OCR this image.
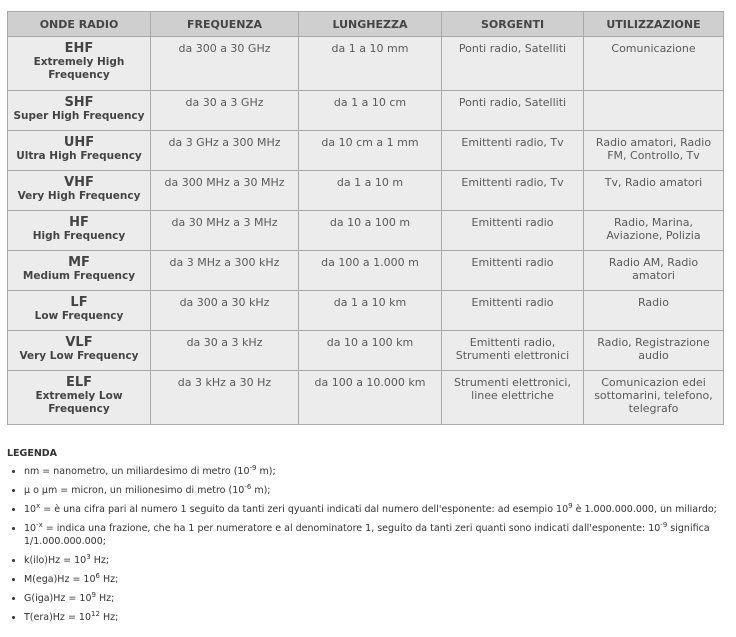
ONDE RADIO	FREQUENZA	LUNGHEZZA	SORGENTI	UTILIZZAZIONE

EHF
Extremely High Frequency	da 300 a 30 GHz	da 1 a 10 mm	Ponti radio, Satelliti	Comunicazione

SHF
Super High Frequency	da 30 a 3 GHz	da 1 a 10 cm	Ponti radio, Satelliti	

UHF
Ultra High Frequency	da 3 GHz a 300 MHz	da 10 cm a 1 mm	Emittenti radio, Tv	Radio amatori, Radio FM, Controllo, Tv

VHF
Very High Frequency	da 300 MHz a 30 MHz	da 1 a 10 m	Emittenti radio, Tv	Tv, Radio amatori

HF
High Frequency	da 30 MHz a 3 MHz	da 10 a 100 m	Emittenti radio	Radio, Marina, Aviazione, Polizia

MF
Medium Frequency	da 3 MHz a 300 kHz	da 100 a 1.000 m	Emittenti radio	Radio AM, Radio amatori

LF
Low Frequency	da 300 a 30 kHz	da 1 a 10 km	Emittenti radio	Radio

VLF
Very Low Frequency	da 30 a 3 kHz	da 10 a 100 km	Emittenti radio, Strumenti elettronici	Radio, Registrazione audio

ELF
Extremely Low Frequency	da 3 kHz a 30 Hz	da 100 a 10.000 km	Strumenti elettronici, linee elettriche	Comunicazion edei sottomarini, telefono, telegrafo
LEGENDA
• nm = nanometro, un miliardesimo di metro ($10^{-9}$ m);
• µ o µm = micron, un milionesimo di metro ($10^{-6}$ m);
• $10^x$ = è una cifra pari al numero 1 seguito da tanti zeri qyuanti indicati dal numero dell'esponente: ad esempio $10^9$ è 1.000.000.000, un miliardo;
• $10^{-x}$ = indica una frazione, che ha 1 per numeratore e al denominatore 1, seguito da tanti zeri quanti sono indicati dall'esponente: $10^{-9}$ significa 1/1.000.000.000;
• $k(ilo)Hz = 10^3$ Hz;
• $M(ega)Hz = 10^6$ Hz;
• $G(iga)Hz = 10^9$ Hz;
• $T(era)Hz = 10^{12}$ Hz;
